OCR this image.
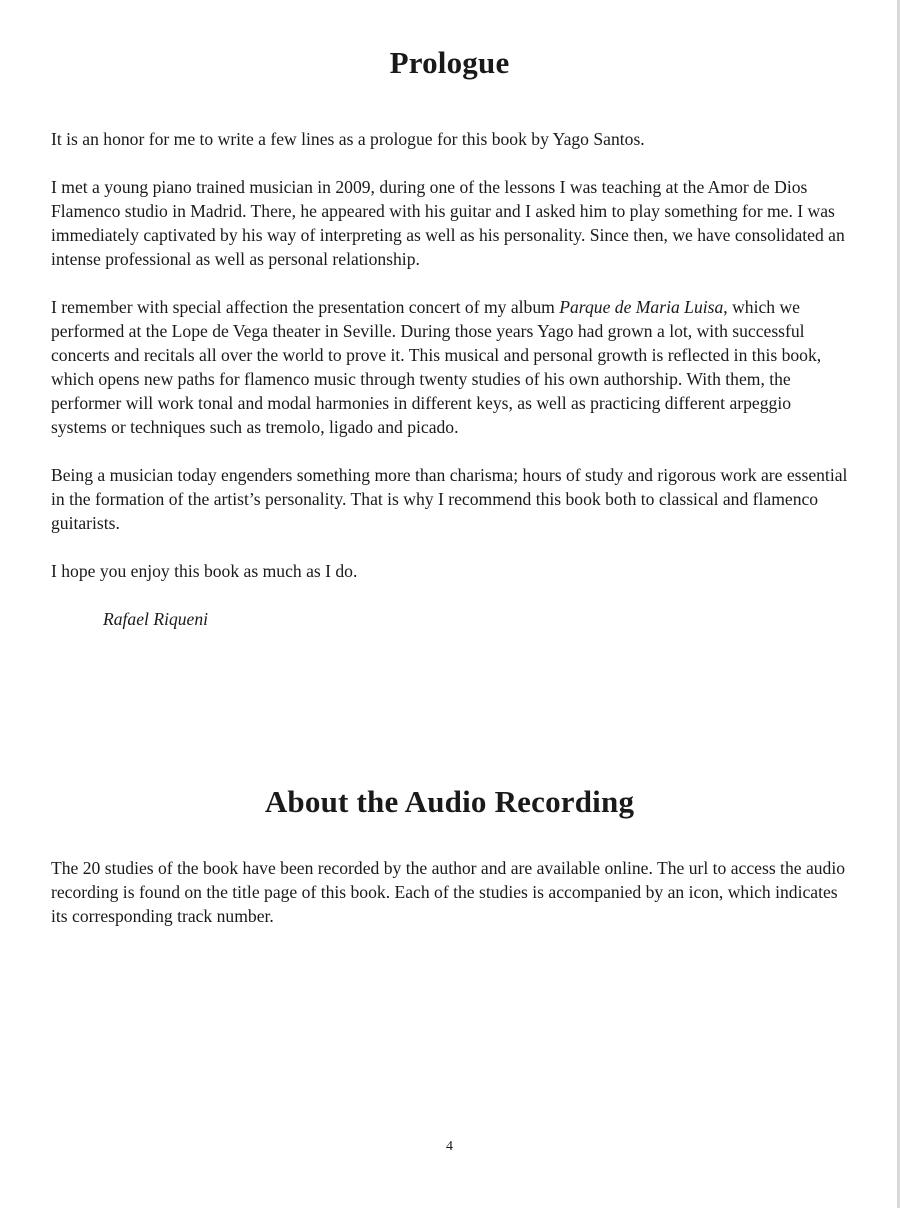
Prologue

It is an honor for me to write a few lines as a prologue for this book by Yago Santos.

I met a young piano trained musician in 2009, during one of the lessons I was teaching at the Amor de Dios Flamenco studio in Madrid. There, he appeared with his guitar and I asked him to play something for me. I was immediately captivated by his way of interpreting as well as his personality. Since then, we have consolidated an intense professional as well as personal relationship.

I remember with special affection the presentation concert of my album Parque de Maria Luisa, which we performed at the Lope de Vega theater in Seville. During those years Yago had grown a lot, with successful concerts and recitals all over the world to prove it. This musical and personal growth is reflected in this book, which opens new paths for flamenco music through twenty studies of his own authorship. With them, the performer will work tonal and modal harmonies in different keys, as well as practicing different arpeggio systems or techniques such as tremolo, ligado and picado.

Being a musician today engenders something more than charisma; hours of study and rigorous work are essential in the formation of the artist’s personality. That is why I recommend this book both to classical and flamenco guitarists.

I hope you enjoy this book as much as I do.

Rafael Riqueni
About the Audio Recording

The 20 studies of the book have been recorded by the author and are available online. The url to access the audio recording is found on the title page of this book. Each of the studies is accompanied by an icon, which indicates its corresponding track number.

4
